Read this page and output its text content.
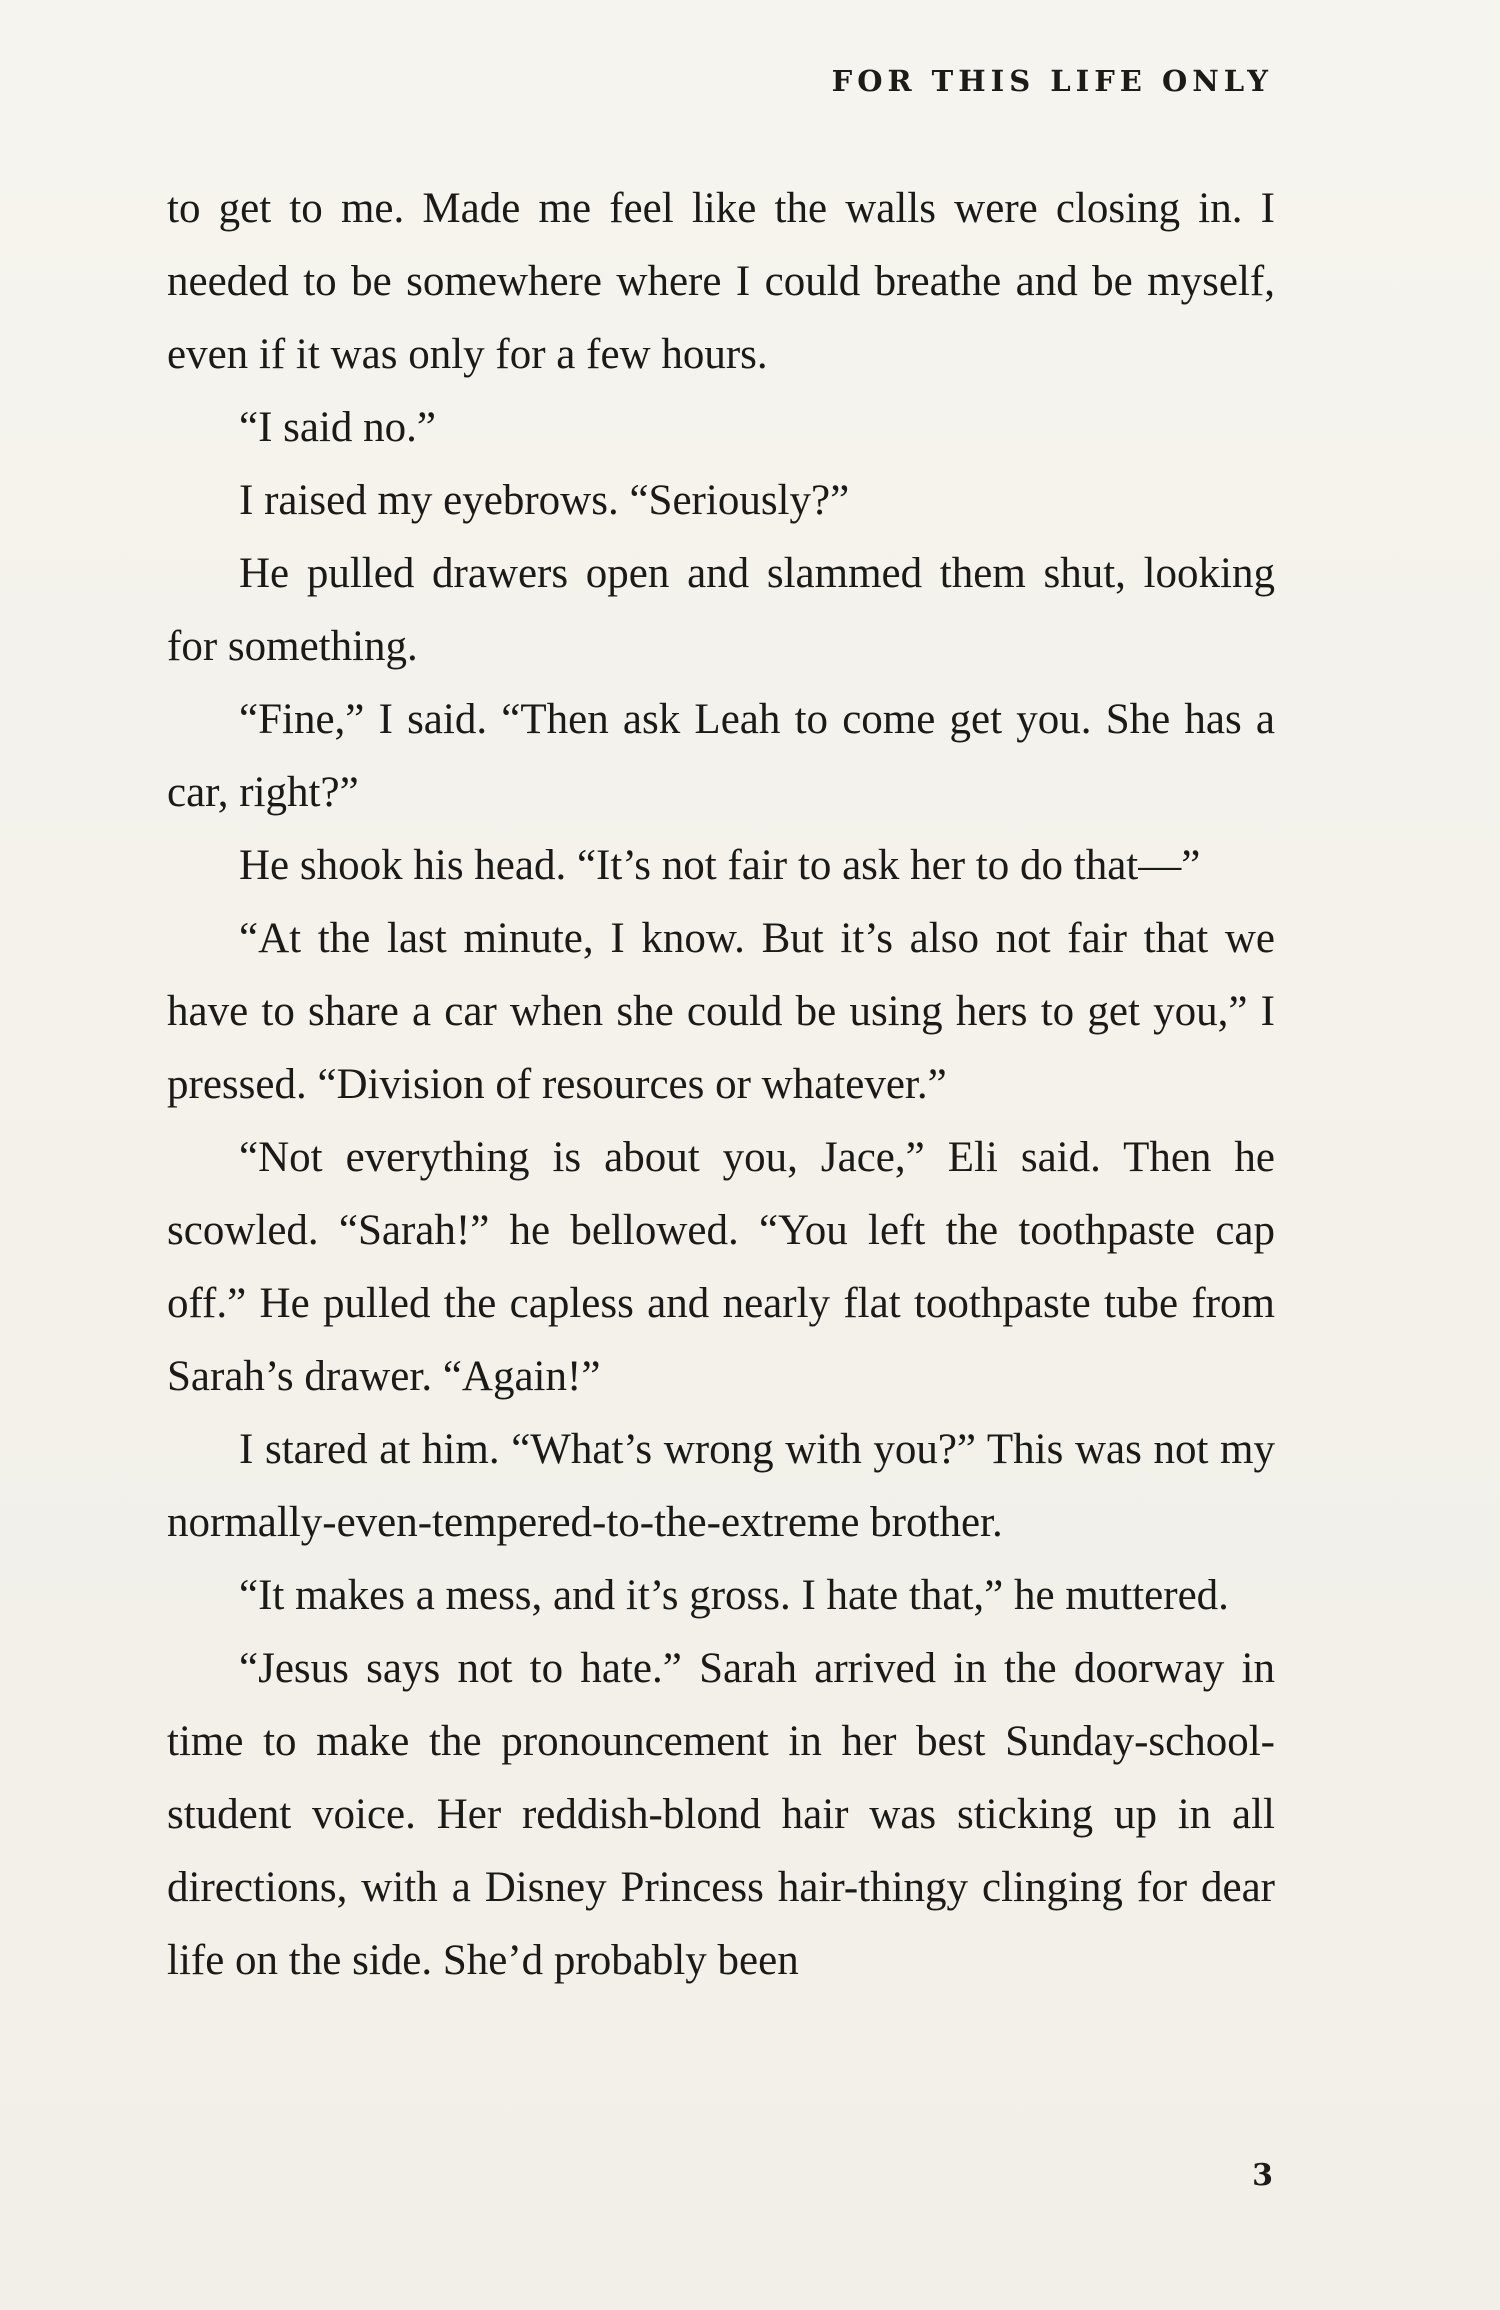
FOR THIS LIFE ONLY

to get to me. Made me feel like the walls were closing in. I needed to be somewhere where I could breathe and be myself, even if it was only for a few hours.

“I said no.”

I raised my eyebrows. “Seriously?”

He pulled drawers open and slammed them shut, looking for something.

“Fine,” I said. “Then ask Leah to come get you. She has a car, right?”

He shook his head. “It’s not fair to ask her to do that—”

“At the last minute, I know. But it’s also not fair that we have to share a car when she could be using hers to get you,” I pressed. “Division of resources or whatever.”

“Not everything is about you, Jace,” Eli said. Then he scowled. “Sarah!” he bellowed. “You left the toothpaste cap off.” He pulled the capless and nearly flat toothpaste tube from Sarah’s drawer. “Again!”

I stared at him. “What’s wrong with you?” This was not my normally-even-tempered-to-the-extreme brother.

“It makes a mess, and it’s gross. I hate that,” he muttered.

“Jesus says not to hate.” Sarah arrived in the doorway in time to make the pronouncement in her best Sunday-school-student voice. Her reddish-blond hair was sticking up in all directions, with a Disney Princess hair-thingy clinging for dear life on the side. She’d probably been

3
